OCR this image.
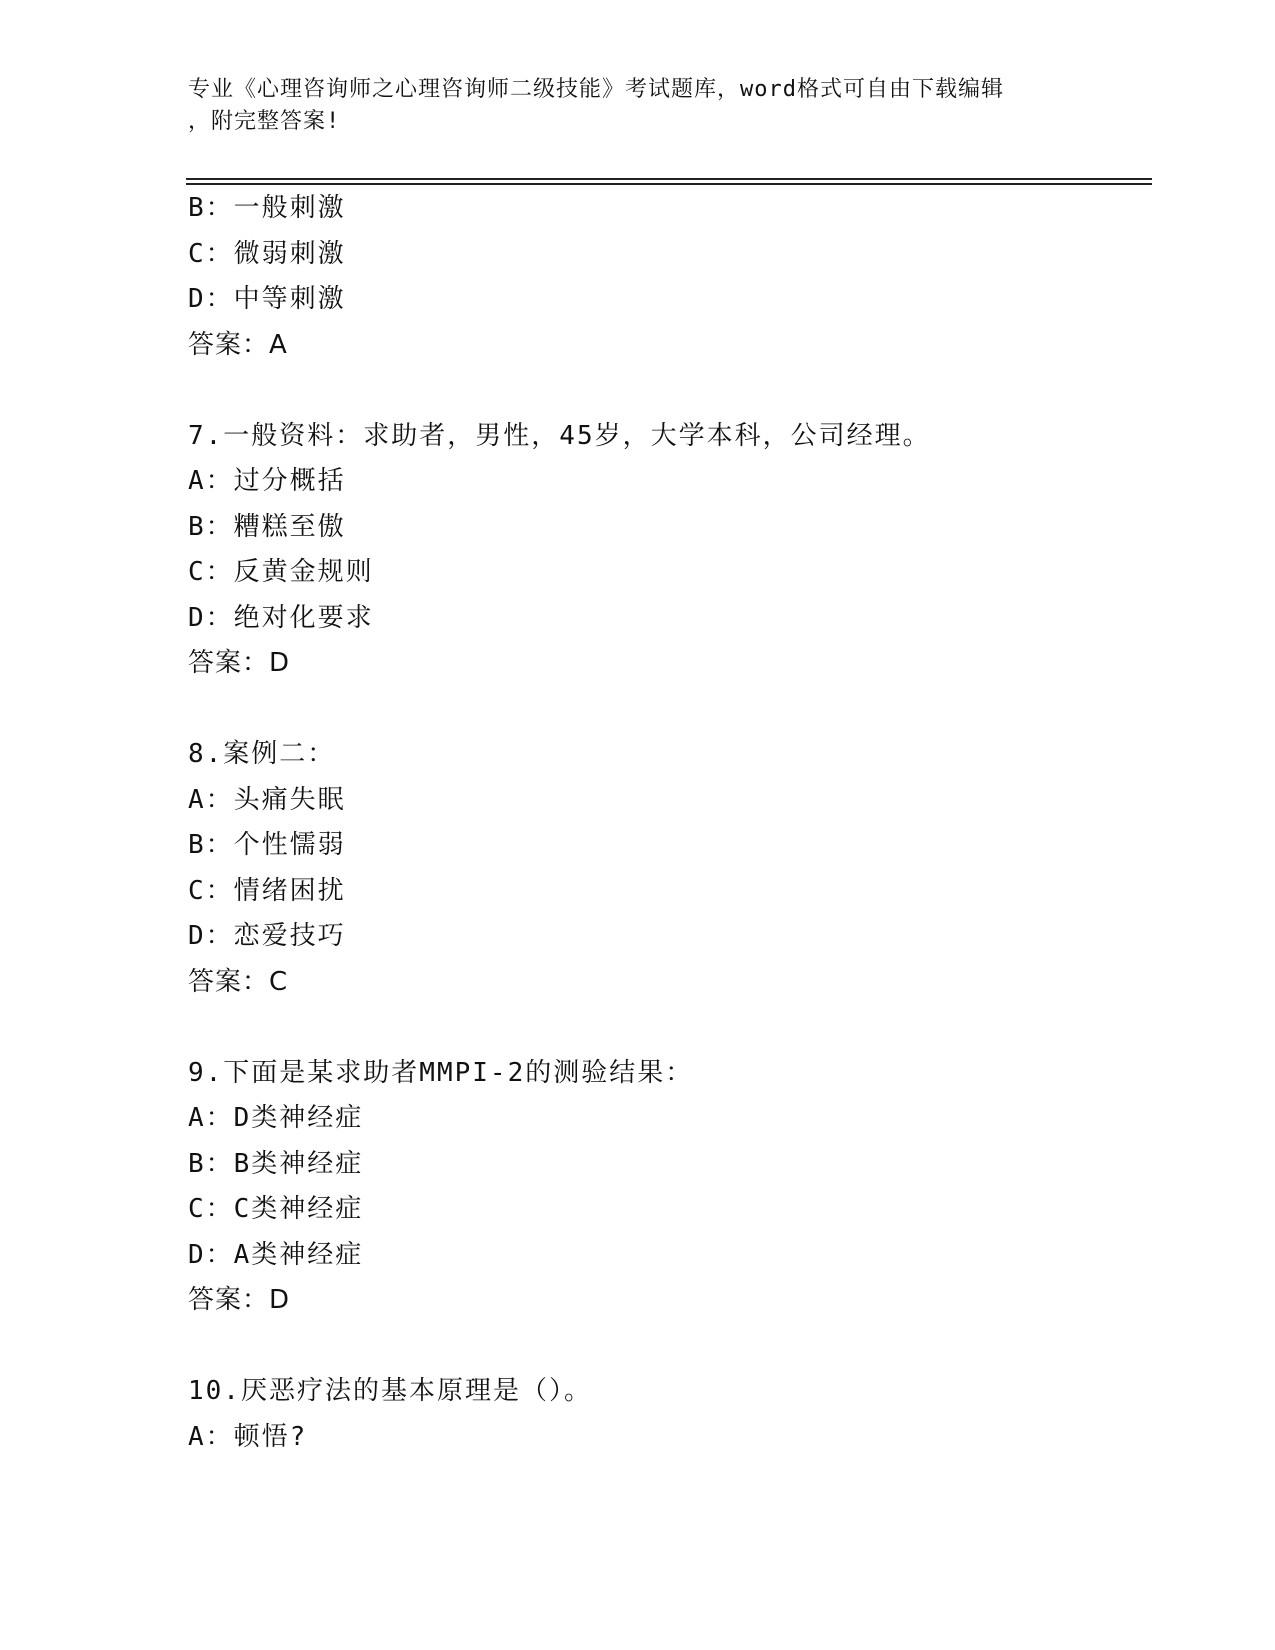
专业《心理咨询师之心理咨询师二级技能》考试题库，word格式可自由下载编辑
，附完整答案!
B：一般刺激
C：微弱刺激
D：中等刺激
答案：A
7.一般资料：求助者，男性，45岁，大学本科，公司经理。
A：过分概括
B：糟糕至傲
C：反黄金规则
D：绝对化要求
答案：D
8.案例二：
A：头痛失眠
B：个性懦弱
C：情绪困扰
D：恋爱技巧
答案：C
9.下面是某求助者MMPI-2的测验结果：
A：D类神经症
B：B类神经症
C：C类神经症
D：A类神经症
答案：D
10.厌恶疗法的基本原理是（）。
A：顿悟?
